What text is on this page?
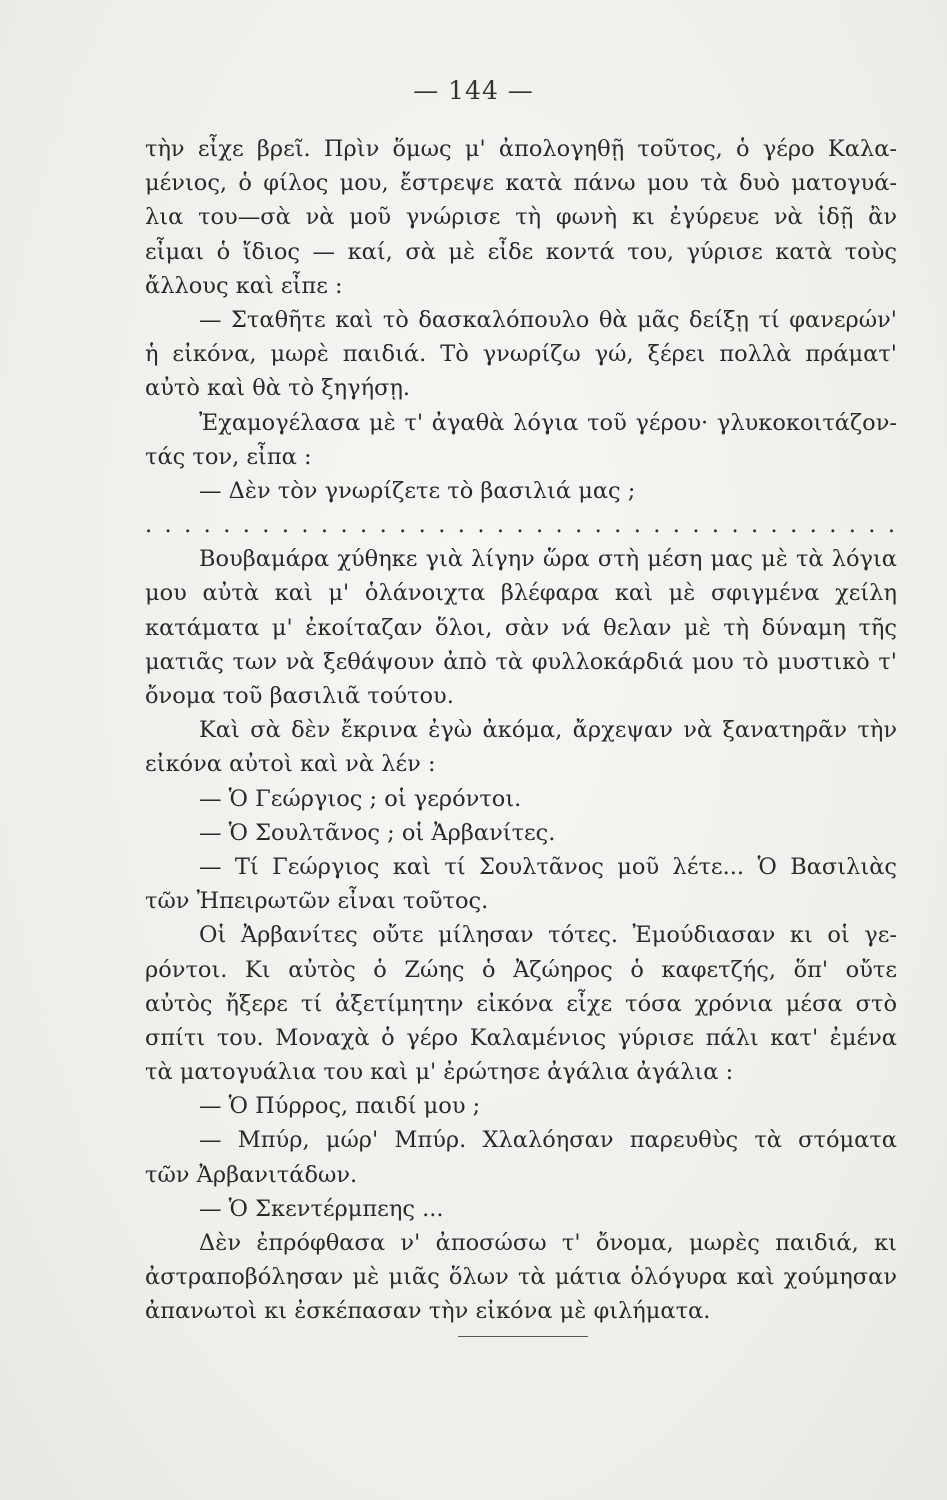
— 144 —
τὴν εἶχε βρεῖ. Πρὶν ὅμως μ' ἀπολογηθῇ τοῦτος, ὁ γέρο Καλα-
μένιος, ὁ φίλος μου, ἔστρεψε κατὰ πάνω μου τὰ δυὸ ματογυά-
λια του—σὰ νὰ μοῦ γνώρισε τὴ φωνὴ κι ἐγύρευε νὰ ἰδῇ ἂν
εἶμαι ὁ ἴδιος — καί, σὰ μὲ εἶδε κοντά του, γύρισε κατὰ τοὺς
ἄλλους καὶ εἶπε :
— Σταθῆτε καὶ τὸ δασκαλόπουλο θὰ μᾶς δείξῃ τί φανερών'
ἡ εἰκόνα, μωρὲ παιδιά. Τὸ γνωρίζω γώ, ξέρει πολλὰ πράματ'
αὐτὸ καὶ θὰ τὸ ξηγήσῃ.
Ἐχαμογέλασα μὲ τ' ἀγαθὰ λόγια τοῦ γέρου· γλυκοκοιτάζον-
τάς τον, εἶπα :
— Δὲν τὸν γνωρίζετε τὸ βασιλιά μας ;
. . . . . . . . . . . . . . . . . . . . . . . . . . . . . . . . . . . . . . .
Βουβαμάρα χύθηκε γιὰ λίγην ὥρα στὴ μέση μας μὲ τὰ λόγια
μου αὐτὰ καὶ μ' ὁλάνοιχτα βλέφαρα καὶ μὲ σφιγμένα χείλη
κατάματα μ' ἐκοίταζαν ὅλοι, σὰν νά θελαν μὲ τὴ δύναμη τῆς
ματιᾶς των νὰ ξεθάψουν ἀπὸ τὰ φυλλοκάρδιά μου τὸ μυστικὸ τ'
ὄνομα τοῦ βασιλιᾶ τούτου.
Καὶ σὰ δὲν ἔκρινα ἐγὼ ἀκόμα, ἄρχεψαν νὰ ξανατηρᾶν τὴν
εἰκόνα αὐτοὶ καὶ νὰ λέν :
— Ὁ Γεώργιος ; οἱ γερόντοι.
— Ὁ Σουλτᾶνος ; οἱ Ἀρβανίτες.
— Τί Γεώργιος καὶ τί Σουλτᾶνος μοῦ λέτε... Ὁ Βασιλιὰς
τῶν Ἠπειρωτῶν εἶναι τοῦτος.
Οἱ Ἀρβανίτες οὔτε μίλησαν τότες. Ἐμούδιασαν κι οἱ γε-
ρόντοι. Κι αὐτὸς ὁ Ζώης ὁ Ἀζώηρος ὁ καφετζής, ὅπ' οὔτε
αὐτὸς ἤξερε τί ἀξετίμητην εἰκόνα εἶχε τόσα χρόνια μέσα στὸ
σπίτι του. Μοναχὰ ὁ γέρο Καλαμένιος γύρισε πάλι κατ' ἐμένα
τὰ ματογυάλια του καὶ μ' ἐρώτησε ἀγάλια ἀγάλια :
— Ὁ Πύρρος, παιδί μου ;
— Μπύρ, μώρ' Μπύρ. Χλαλόησαν παρευθὺς τὰ στόματα
τῶν Ἀρβανιτάδων.
— Ὁ Σκεντέρμπεης ...
Δὲν ἐπρόφθασα ν' ἀποσώσω τ' ὄνομα, μωρὲς παιδιά, κι
ἀστραποβόλησαν μὲ μιᾶς ὅλων τὰ μάτια ὁλόγυρα καὶ χούμησαν
ἀπανωτοὶ κι ἐσκέπασαν τὴν εἰκόνα μὲ φιλήματα.
